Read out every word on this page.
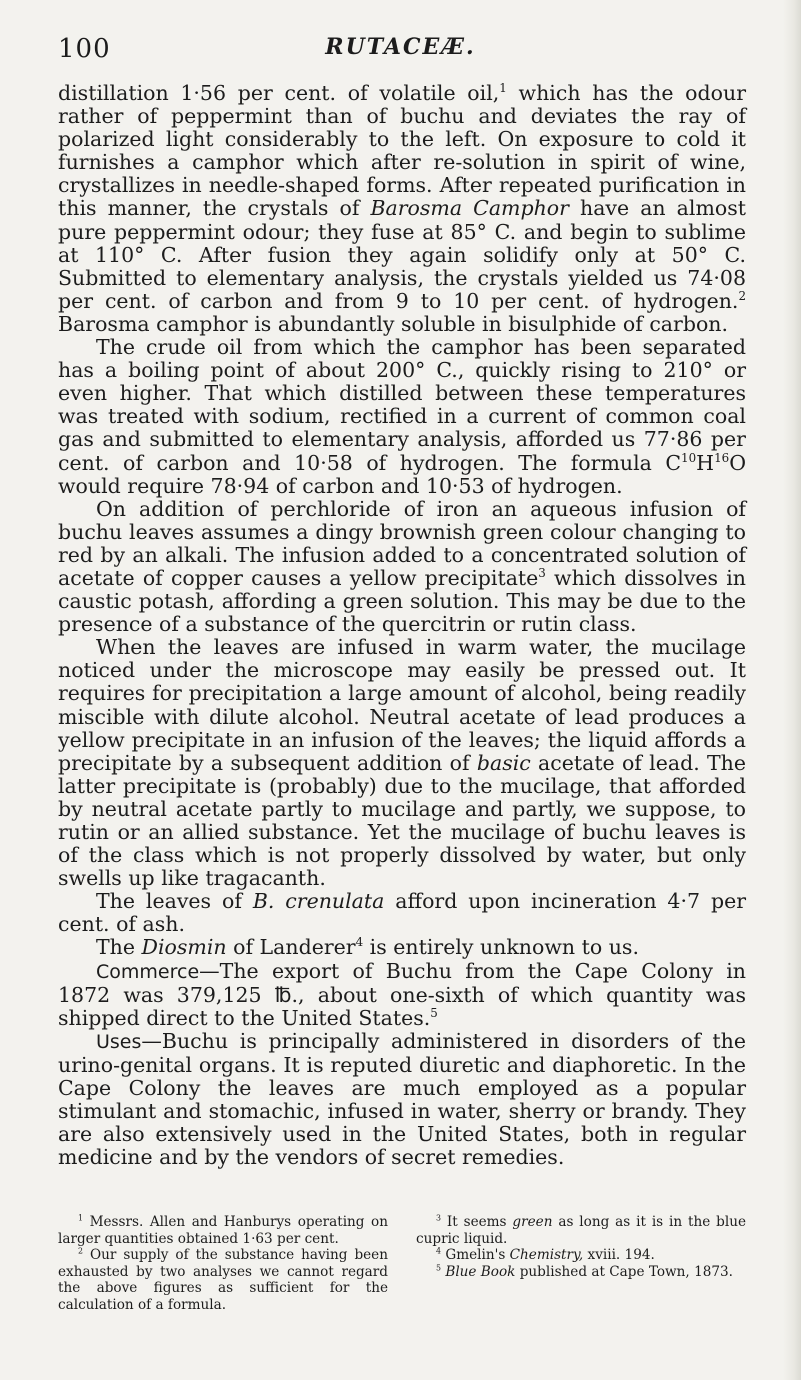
100	RUTACEÆ.

distillation 1·56 per cent. of volatile oil,$^1$ which has the odour rather of peppermint than of buchu and deviates the ray of polarized light considerably to the left. On exposure to cold it furnishes a camphor which after re-solution in spirit of wine, crystallizes in needle-shaped forms. After repeated purification in this manner, the crystals of Barosma Camphor have an almost pure peppermint odour; they fuse at 85° C. and begin to sublime at 110° C. After fusion they again solidify only at 50° C. Submitted to elementary analysis, the crystals yielded us 74·08 per cent. of carbon and from 9 to 10 per cent. of hydrogen.$^2$ Barosma camphor is abundantly soluble in bisulphide of carbon.

The crude oil from which the camphor has been separated has a boiling point of about 200° C., quickly rising to 210° or even higher. That which distilled between these temperatures was treated with sodium, rectified in a current of common coal gas and submitted to elementary analysis, afforded us 77·86 per cent. of carbon and 10·58 of hydrogen. The formula $C^{10}H^{16}O$ would require 78·94 of carbon and 10·53 of hydrogen.

On addition of perchloride of iron an aqueous infusion of buchu leaves assumes a dingy brownish green colour changing to red by an alkali. The infusion added to a concentrated solution of acetate of copper causes a yellow precipitate$^3$ which dissolves in caustic potash, affording a green solution. This may be due to the presence of a substance of the quercitrin or rutin class.

When the leaves are infused in warm water, the mucilage noticed under the microscope may easily be pressed out. It requires for precipitation a large amount of alcohol, being readily miscible with dilute alcohol. Neutral acetate of lead produces a yellow precipitate in an infusion of the leaves; the liquid affords a precipitate by a subsequent addition of basic acetate of lead. The latter precipitate is (probably) due to the mucilage, that afforded by neutral acetate partly to mucilage and partly, we suppose, to rutin or an allied substance. Yet the mucilage of buchu leaves is of the class which is not properly dissolved by water, but only swells up like tragacanth.

The leaves of B. crenulata afford upon incineration 4·7 per cent. of ash.

The Diosmin of Landerer$^4$ is entirely unknown to us.

Commerce—The export of Buchu from the Cape Colony in 1872 was 379,125 ℔., about one-sixth of which quantity was shipped direct to the United States.$^5$

Uses—Buchu is principally administered in disorders of the urino-genital organs. It is reputed diuretic and diaphoretic. In the Cape Colony the leaves are much employed as a popular stimulant and stomachic, infused in water, sherry or brandy. They are also extensively used in the United States, both in regular medicine and by the vendors of secret remedies.

$^1$ Messrs. Allen and Hanburys operating on larger quantities obtained 1·63 per cent.

$^2$ Our supply of the substance having been exhausted by two analyses we cannot regard the above figures as sufficient for the calculation of a formula.

$^3$ It seems green as long as it is in the blue cupric liquid.

$^4$ Gmelin's Chemistry, xviii. 194.

$^5$ Blue Book published at Cape Town, 1873.
